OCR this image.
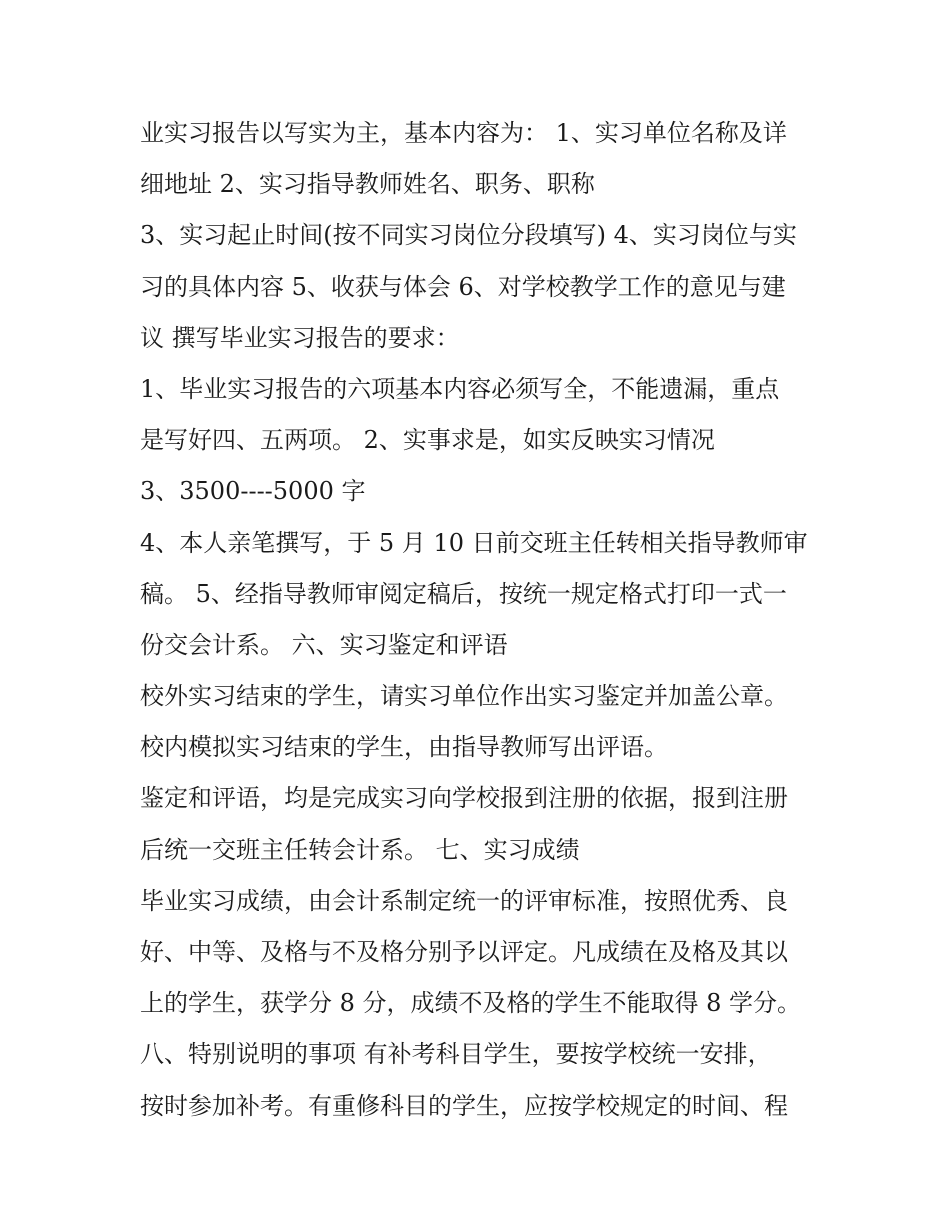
业实习报告以写实为主，基本内容为： 1、实习单位名称及详
细地址 2、实习指导教师姓名、职务、职称
3、实习起止时间(按不同实习岗位分段填写) 4、实习岗位与实
习的具体内容 5、收获与体会 6、对学校教学工作的意见与建
议 撰写毕业实习报告的要求：
1、毕业实习报告的六项基本内容必须写全，不能遗漏，重点
是写好四、五两项。 2、实事求是，如实反映实习情况
3、3500----5000 字
4、本人亲笔撰写，于 5 月 10 日前交班主任转相关指导教师审
稿。 5、经指导教师审阅定稿后，按统一规定格式打印一式一
份交会计系。 六、实习鉴定和评语
校外实习结束的学生，请实习单位作出实习鉴定并加盖公章。
校内模拟实习结束的学生，由指导教师写出评语。
鉴定和评语，均是完成实习向学校报到注册的依据，报到注册
后统一交班主任转会计系。 七、实习成绩
毕业实习成绩，由会计系制定统一的评审标准，按照优秀、良
好、中等、及格与不及格分别予以评定。凡成绩在及格及其以
上的学生，获学分 8 分，成绩不及格的学生不能取得 8 学分。
八、特别说明的事项 有补考科目学生，要按学校统一安排，
按时参加补考。有重修科目的学生，应按学校规定的时间、程
